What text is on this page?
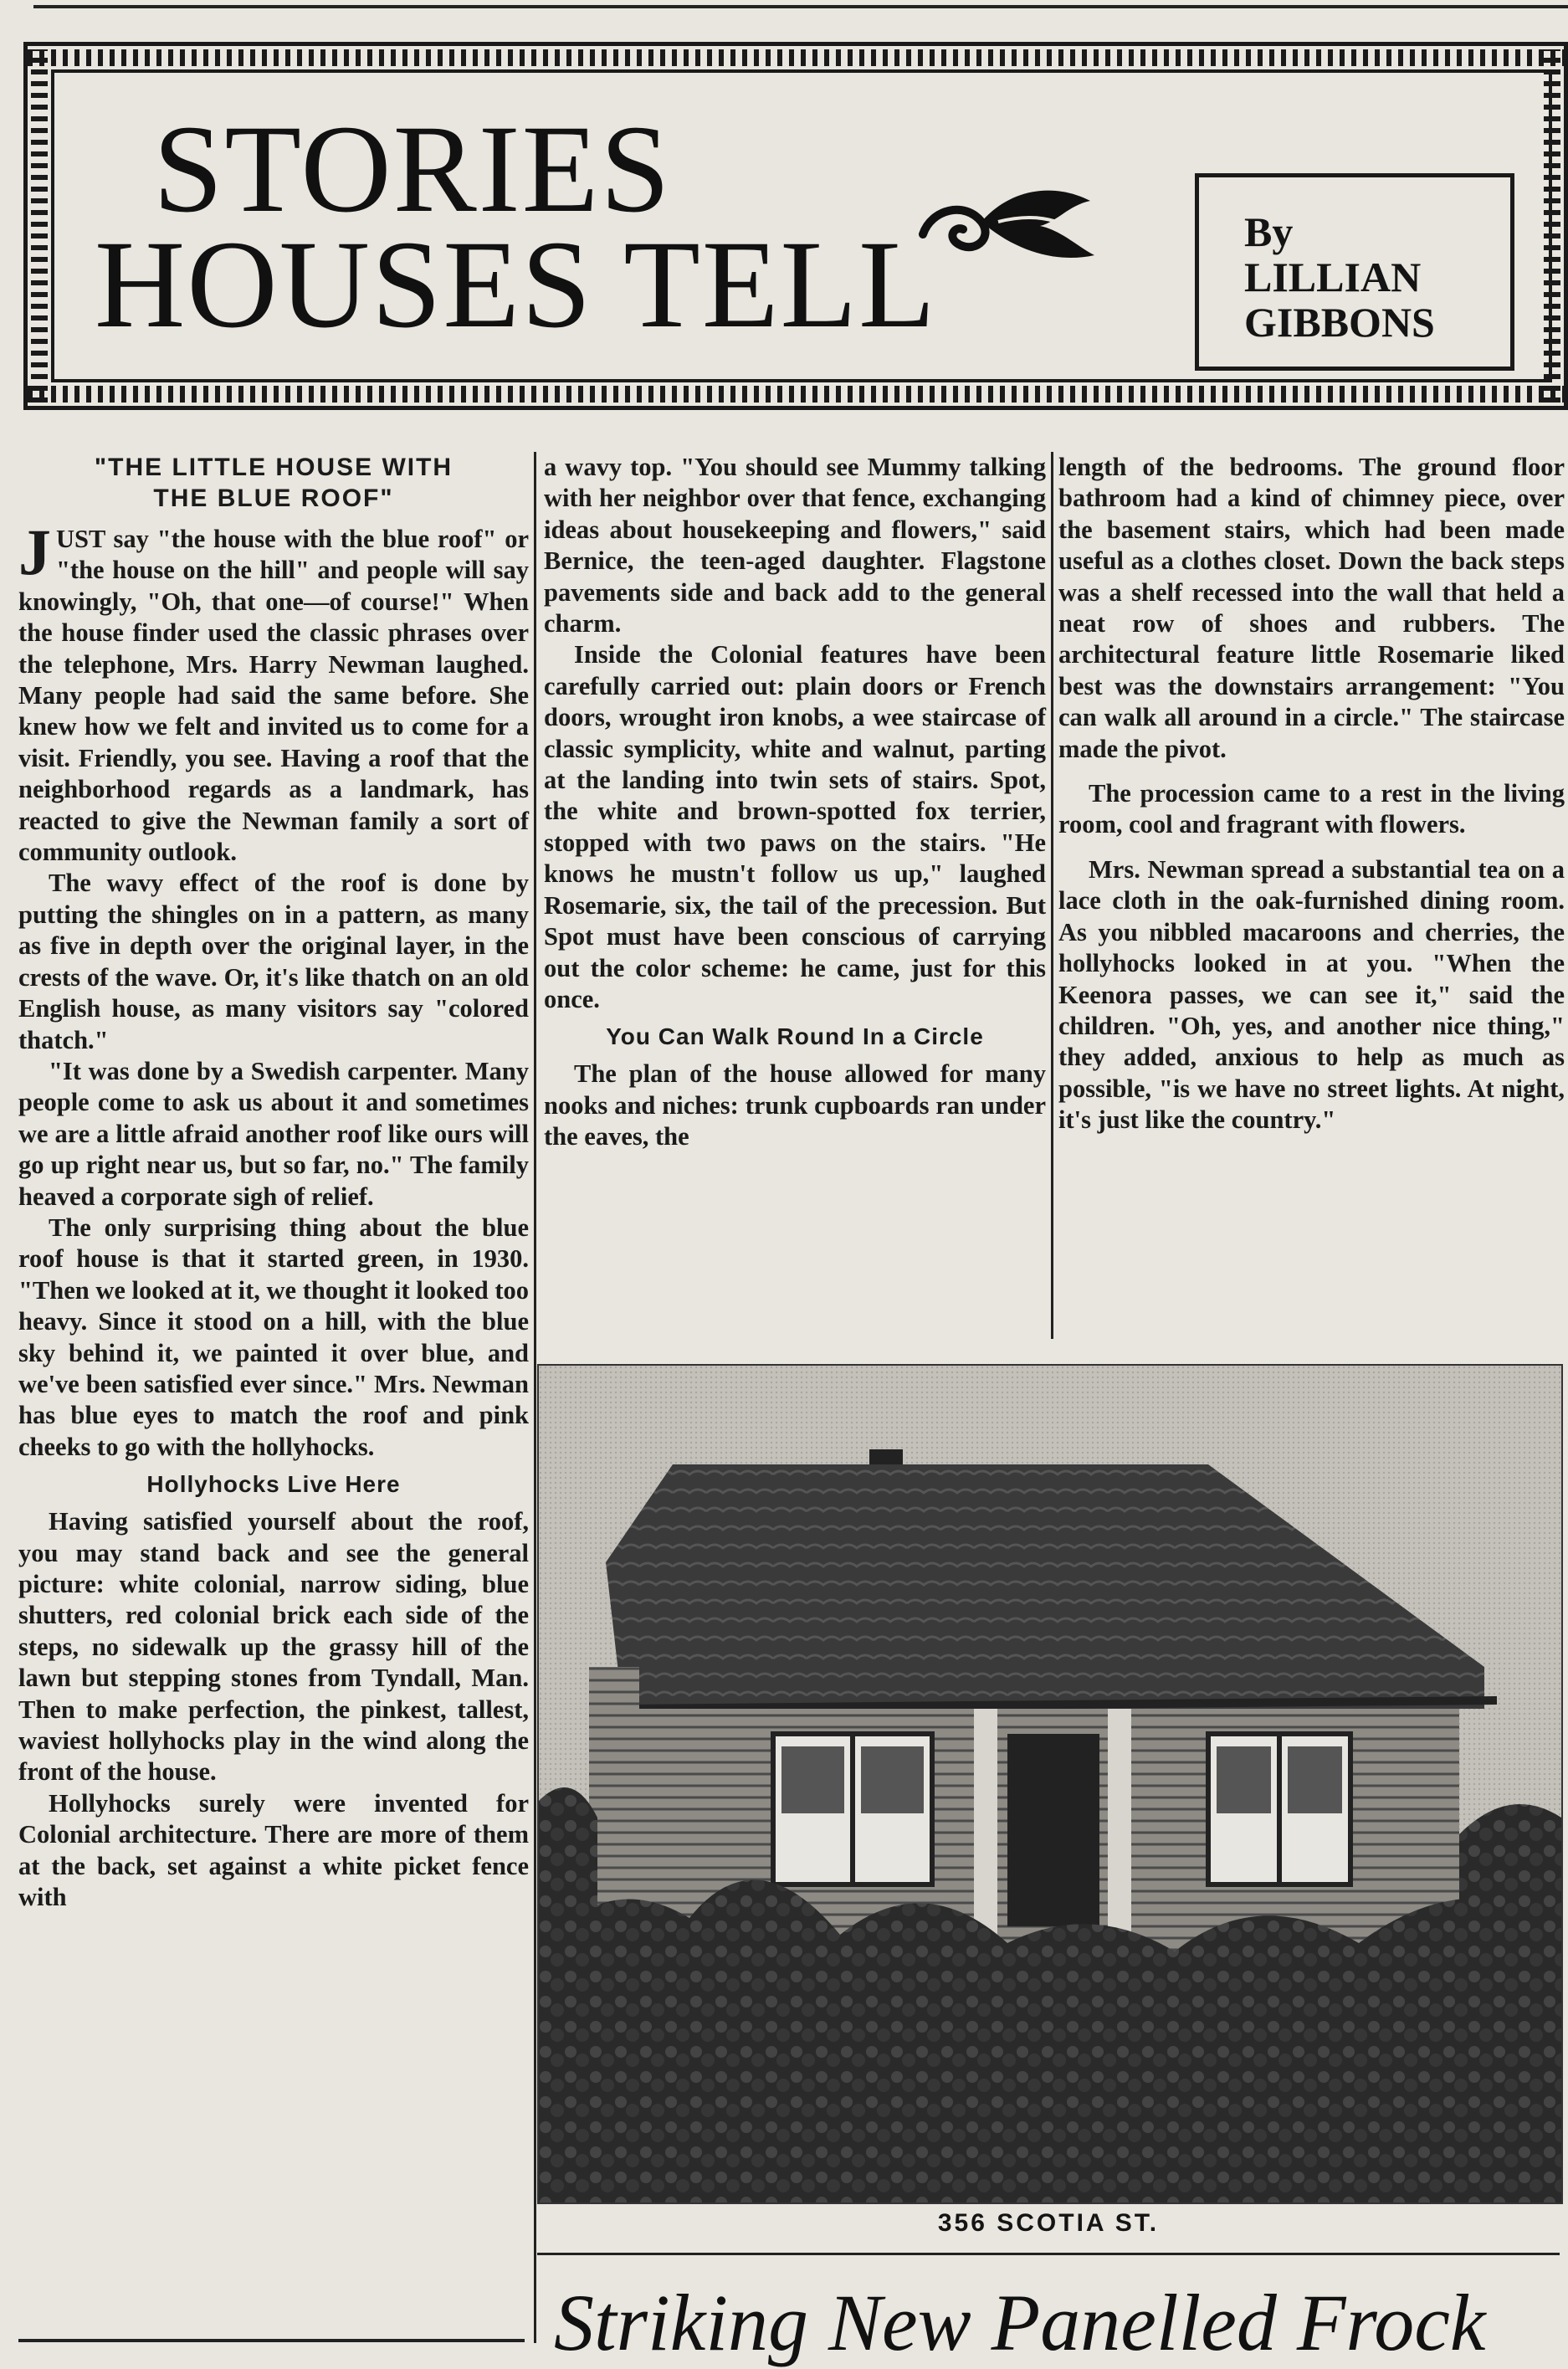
STORIES
HOUSES TELL	By
LILLIAN
GIBBONS
"THE LITTLE HOUSE WITH
THE BLUE ROOF"

JUST say "the house with the blue roof" or "the house on the hill" and people will say knowingly, "Oh, that one—of course!" When the house finder used the classic phrases over the telephone, Mrs. Harry Newman laughed. Many people had said the same before. She knew how we felt and invited us to come for a visit. Friendly, you see. Having a roof that the neighborhood regards as a landmark, has reacted to give the Newman family a sort of community outlook.

The wavy effect of the roof is done by putting the shingles on in a pattern, as many as five in depth over the original layer, in the crests of the wave. Or, it's like thatch on an old English house, as many visitors say "colored thatch."

"It was done by a Swedish carpenter. Many people come to ask us about it and sometimes we are a little afraid another roof like ours will go up right near us, but so far, no." The family heaved a corporate sigh of relief.

The only surprising thing about the blue roof house is that it started green, in 1930. "Then we looked at it, we thought it looked too heavy. Since it stood on a hill, with the blue sky behind it, we painted it over blue, and we've been satisfied ever since." Mrs. Newman has blue eyes to match the roof and pink cheeks to go with the hollyhocks.

Hollyhocks Live Here

Having satisfied yourself about the roof, you may stand back and see the general picture: white colonial, narrow siding, blue shutters, red colonial brick each side of the steps, no sidewalk up the grassy hill of the lawn but stepping stones from Tyndall, Man. Then to make perfection, the pinkest, tallest, waviest hollyhocks play in the wind along the front of the house.

Hollyhocks surely were invented for Colonial architecture. There are more of them at the back, set against a white picket fence with

a wavy top. "You should see Mummy talking with her neighbor over that fence, exchanging ideas about housekeeping and flowers," said Bernice, the teen-aged daughter. Flagstone pavements side and back add to the general charm.

Inside the Colonial features have been carefully carried out: plain doors or French doors, wrought iron knobs, a wee staircase of classic symplicity, white and walnut, parting at the landing into twin sets of stairs. Spot, the white and brown-spotted fox terrier, stopped with two paws on the stairs. "He knows he mustn't follow us up," laughed Rosemarie, six, the tail of the precession. But Spot must have been conscious of carrying out the color scheme: he came, just for this once.

You Can Walk Round In a Circle

The plan of the house allowed for many nooks and niches: trunk cupboards ran under the eaves, the

length of the bedrooms. The ground floor bathroom had a kind of chimney piece, over the basement stairs, which had been made useful as a clothes closet. Down the back steps was a shelf recessed into the wall that held a neat row of shoes and rubbers. The architectural feature little Rosemarie liked best was the downstairs arrangement: "You can walk all around in a circle." The staircase made the pivot.

The procession came to a rest in the living room, cool and fragrant with flowers.

Mrs. Newman spread a substantial tea on a lace cloth in the oak-furnished dining room. As you nibbled macaroons and cherries, the hollyhocks looked in at you. "When the Keenora passes, we can see it," said the children. "Oh, yes, and another nice thing," they added, anxious to help as much as possible, "is we have no street lights. At night, it's just like the country."

356 SCOTIA ST.
Striking New Panelled Frock
